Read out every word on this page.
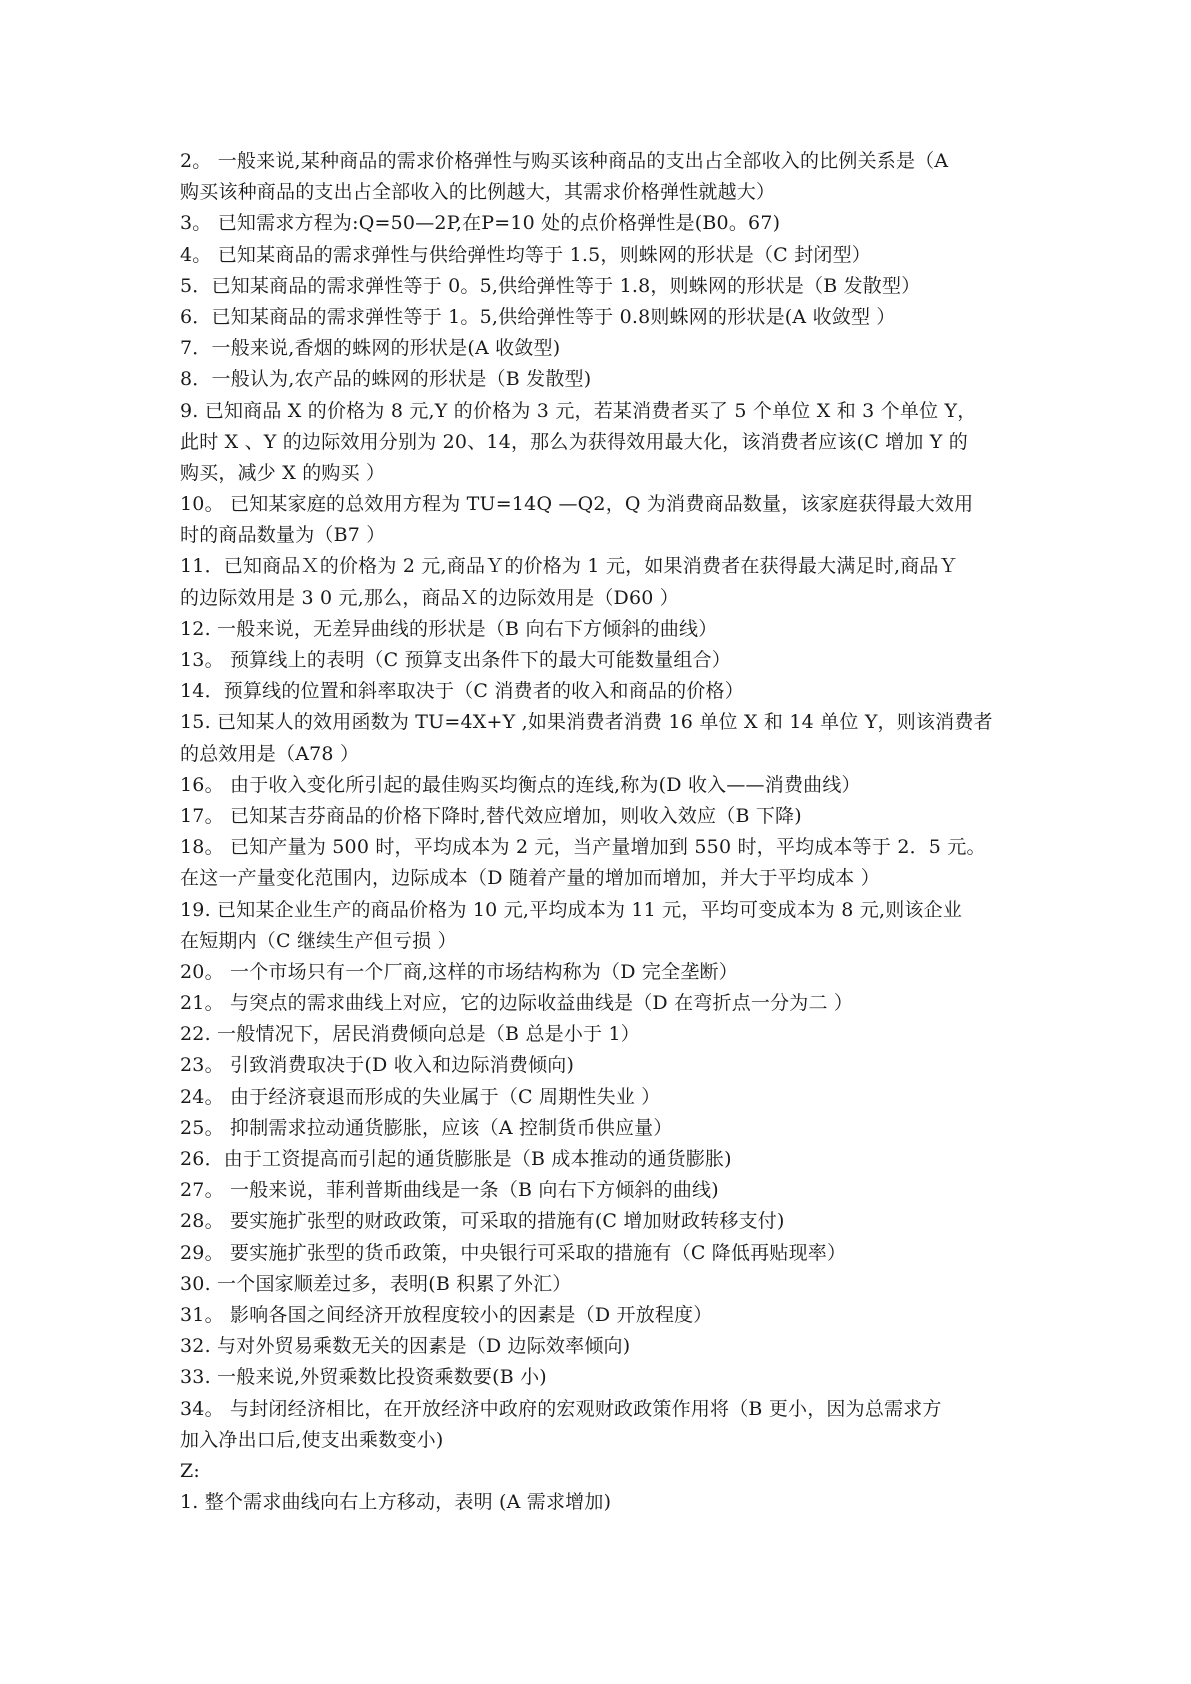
2。 一般来说,某种商品的需求价格弹性与购买该种商品的支出占全部收入的比例关系是（A
购买该种商品的支出占全部收入的比例越大，其需求价格弹性就越大）
3。 已知需求方程为:Q=50—2P,在P=10 处的点价格弹性是(B0。67)
4。 已知某商品的需求弹性与供给弹性均等于 1.5，则蛛网的形状是（C 封闭型）
5．已知某商品的需求弹性等于 0。5,供给弹性等于 1.8，则蛛网的形状是（B 发散型）
6．已知某商品的需求弹性等于 1。5,供给弹性等于 0.8则蛛网的形状是(A 收敛型 ）
7．一般来说,香烟的蛛网的形状是(A 收敛型)
8．一般认为,农产品的蛛网的形状是（B 发散型)
9. 已知商品 X 的价格为 8 元,Y 的价格为 3 元，若某消费者买了 5 个单位 X 和 3 个单位 Y，
此时 X 、Y 的边际效用分别为 20、14，那么为获得效用最大化，该消费者应该(C 增加 Y 的
购买，减少 X 的购买 ）
10。 已知某家庭的总效用方程为 TU=14Q —Q2，Q 为消费商品数量，该家庭获得最大效用
时的商品数量为（B7 ）
11．已知商品Ｘ的价格为 2 元,商品Ｙ的价格为 1 元，如果消费者在获得最大满足时,商品Ｙ
的边际效用是 3 0 元,那么，商品Ｘ的边际效用是（D60 ）
12. 一般来说，无差异曲线的形状是（B 向右下方倾斜的曲线）
13。 预算线上的表明（C 预算支出条件下的最大可能数量组合）
14．预算线的位置和斜率取决于（C 消费者的收入和商品的价格）
15. 已知某人的效用函数为 TU=4X+Y ,如果消费者消费 16 单位 X 和 14 单位 Y，则该消费者
的总效用是（A78 ）
16。 由于收入变化所引起的最佳购买均衡点的连线,称为(D 收入——消费曲线）
17。 已知某吉芬商品的价格下降时,替代效应增加，则收入效应（B 下降)
18。 已知产量为 500 时，平均成本为 2 元，当产量增加到 550 时，平均成本等于 2．5 元。
在这一产量变化范围内，边际成本（D 随着产量的增加而增加，并大于平均成本 ）
19. 已知某企业生产的商品价格为 10 元,平均成本为 11 元，平均可变成本为 8 元,则该企业
在短期内（C 继续生产但亏损 ）
20。 一个市场只有一个厂商,这样的市场结构称为（D 完全垄断）
21。 与突点的需求曲线上对应，它的边际收益曲线是（D 在弯折点一分为二 ）
22. 一般情况下，居民消费倾向总是（B 总是小于 1）
23。 引致消费取决于(D 收入和边际消费倾向)
24。 由于经济衰退而形成的失业属于（C 周期性失业 ）
25。 抑制需求拉动通货膨胀，应该（A 控制货币供应量）
26．由于工资提高而引起的通货膨胀是（B 成本推动的通货膨胀)
27。 一般来说，菲利普斯曲线是一条（B 向右下方倾斜的曲线)
28。 要实施扩张型的财政政策，可采取的措施有(C 增加财政转移支付)
29。 要实施扩张型的货币政策，中央银行可采取的措施有（C 降低再贴现率）
30. 一个国家顺差过多，表明(B 积累了外汇）
31。 影响各国之间经济开放程度较小的因素是（D 开放程度）
32. 与对外贸易乘数无关的因素是（D 边际效率倾向)
33. 一般来说,外贸乘数比投资乘数要(B 小)
34。 与封闭经济相比，在开放经济中政府的宏观财政政策作用将（B 更小，因为总需求方
加入净出口后,使支出乘数变小)
Z:
1. 整个需求曲线向右上方移动，表明 (A 需求增加)
